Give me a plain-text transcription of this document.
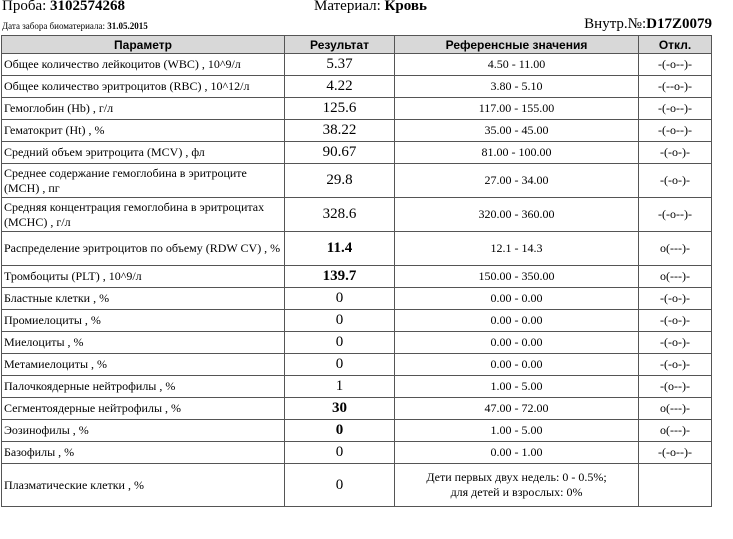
Проба: 3102574268	Материал: Кровь
Дата забора биоматериала: 31.05.2015	Внутр.№:D17Z0079
Параметр	Результат	Референсные значения	Откл.
Общее количество лейкоцитов (WBC) , 10^9/л	5.37	4.50 - 11.00	-(-o--)-
Общее количество эритроцитов (RBC) , 10^12/л	4.22	3.80 - 5.10	-(--o-)-
Гемоглобин (Hb) , г/л	125.6	117.00 - 155.00	-(-o--)-
Гематокрит (Ht) , %	38.22	35.00 - 45.00	-(-o--)-
Средний объем эритроцита (MCV) , фл	90.67	81.00 - 100.00	-(-o-)-
Среднее содержание гемоглобина в эритроците (MCH) , пг	29.8	27.00 - 34.00	-(-o-)-
Средняя концентрация гемоглобина в эритроцитах (MCHC) , г/л	328.6	320.00 - 360.00	-(-o--)-
Распределение эритроцитов по объему (RDW CV) , %	11.4	12.1 - 14.3	o(---)-
Тромбоциты (PLT) , 10^9/л	139.7	150.00 - 350.00	o(---)-
Бластные клетки , %	0	0.00 - 0.00	-(-o-)-
Промиелоциты , %	0	0.00 - 0.00	-(-o-)-
Миелоциты , %	0	0.00 - 0.00	-(-o-)-
Метамиелоциты , %	0	0.00 - 0.00	-(-o-)-
Палочкоядерные нейтрофилы , %	1	1.00 - 5.00	-(o--)-
Сегментоядерные нейтрофилы , %	30	47.00 - 72.00	o(---)-
Эозинофилы , %	0	1.00 - 5.00	o(---)-
Базофилы , %	0	0.00 - 1.00	-(-o--)-
Плазматические клетки , %	0	Дети первых двух недель: 0 - 0.5%;
для детей и взрослых: 0%	
